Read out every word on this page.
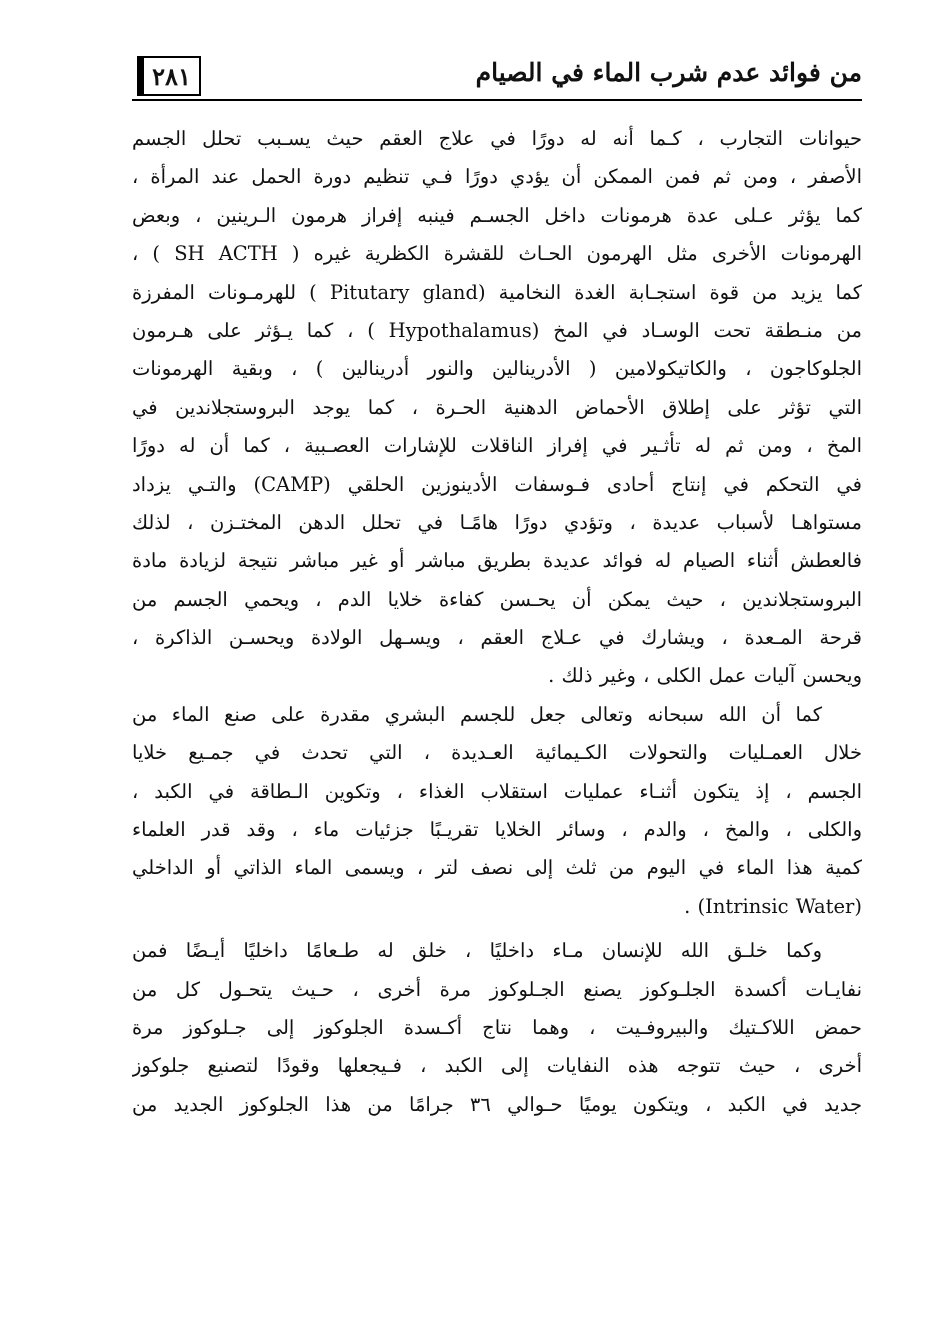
٢٨١	من فوائد عدم شرب الماء في الصيام
حيوانات التجارب ، كـما أنه له دورًا في علاج العقم حيث يسـبب تحلل الجسم
الأصفر ، ومن ثم فمن الممكن أن يؤدي دورًا فـي تنظيم دورة الحمل عند المرأة ،
كما يؤثر عـلى عدة هرمونات داخل الجسـم فينبه إفراز هرمون الـرينين ، وبعض
الهرمونات الأخرى مثل الهرمون الحـاث للقشرة الكظرية غيره ( SH ACTH ) ،
كما يزيد من قوة استجـابة الغدة النخامية (Pitutary gland ) للهرمـونات المفرزة
من منـطقة تحت الوسـاد في المخ (Hypothalamus ) ، كما يـؤثر على هـرمون
الجلوكاجون ، والكاتيكولامين ( الأدرينالين والنور أدرينالين ) ، وبقية الهرمونات
التي تؤثر على إطلاق الأحماض الدهنية الحـرة ، كما يوجد البروستجلاندين في
المخ ، ومن ثم له تأثـير في إفراز الناقلات للإشارات العصـبية ، كما أن له دورًا
في التحكم في إنتاج أحادى فـوسفات الأدينوزين الحلقي (CAMP) والتـي يزداد
مستواهـا لأسباب عديدة ، وتؤدي دورًا هامًـا في تحلل الدهن المختـزن ، لذلك
فالعطش أثناء الصيام له فوائد عديدة بطريق مباشر أو غير مباشر نتيجة لزيادة مادة
البروستجلاندين ، حيث يمكن أن يحـسن كفاءة خلايا الدم ، ويحمي الجسم من
قرحة المـعدة ، ويشارك في عـلاج العقم ، ويسـهل الولادة ويحسـن الذاكرة ،
ويحسن آليات عمل الكلى ، وغير ذلك .
كما أن الله سبحانه وتعالى جعل للجسم البشري مقدرة على صنع الماء من
خلال العمـليات والتحولات الكـيمائية العـديدة ، التي تحدث في جمـيع خلايا
الجسم ، إذ يتكون أثنـاء عمليات استقلاب الغذاء ، وتكوين الـطاقة في الكبد ،
والكلى ، والمخ ، والدم ، وسائر الخلايا تقريـبًا جزئيات ماء ، وقد قدر العلماء
كمية هذا الماء في اليوم من ثلث إلى نصف لتر ، ويسمى الماء الذاتي أو الداخلي
. (Intrinsic Water)
وكما خلـق الله للإنسان مـاء داخليًا ، خلق له طـعامًا داخليًا أيـضًا فمن
نفايـات أكسدة الجلـوكوز يصنع الجـلوكوز مرة أخرى ، حـيث يتحـول كل من
حمض اللاكـتيك والبيروفـيت ، وهما نتاج أكـسدة الجلوكوز إلى جـلوكوز مرة
أخرى ، حيث تتوجه هذه النفايات إلى الكبد ، فـيجعلها وقودًا لتصنيع جلوكوز
جديد في الكبد ، ويتكون يوميًا حـوالي ٣٦ جرامًا من هذا الجلوكوز الجديد من
